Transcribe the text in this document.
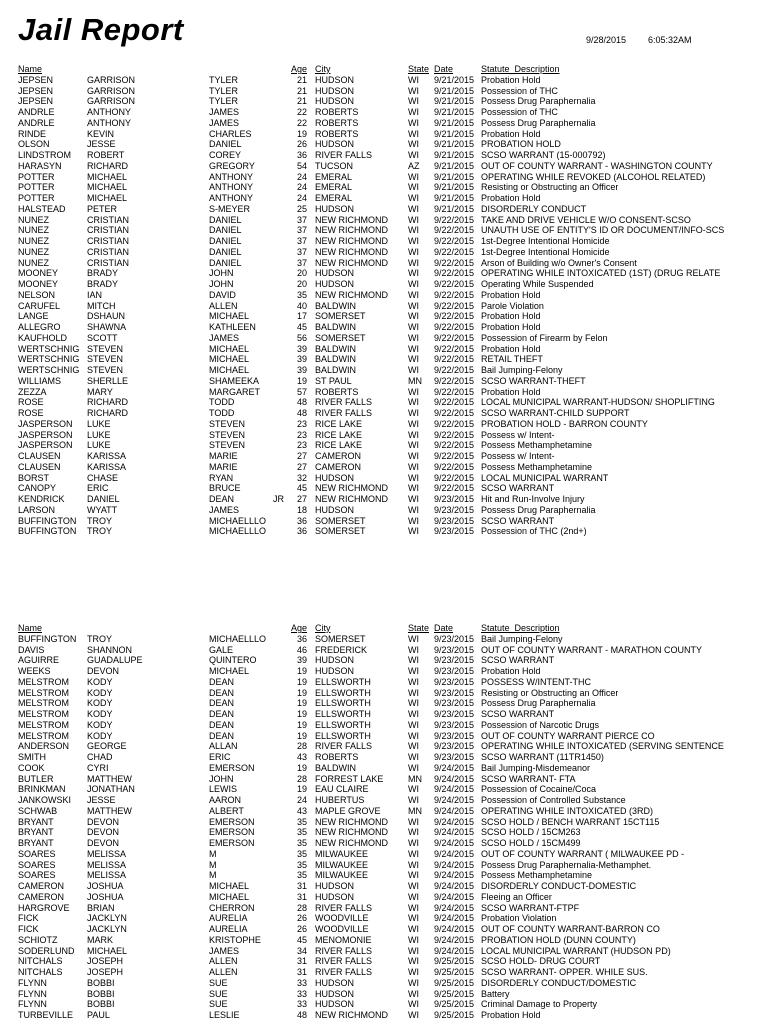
Jail Report	9/28/2015 6:05:32AM
Name	Age City	State Date	Statute_Description
JEPSEN	GARRISON	TYLER	21 HUDSON	WI 9/21/2015 Probation Hold
JEPSEN	GARRISON	TYLER	21 HUDSON	WI 9/21/2015 Possession of THC
JEPSEN	GARRISON	TYLER	21 HUDSON	WI 9/21/2015 Possess Drug Paraphernalia
ANDRLE	ANTHONY	JAMES	22 ROBERTS	WI 9/21/2015 Possession of THC
ANDRLE	ANTHONY	JAMES	22 ROBERTS	WI 9/21/2015 Possess Drug Paraphernalia
RINDE	KEVIN	CHARLES	19 ROBERTS	WI 9/21/2015 Probation Hold
OLSON	JESSE	DANIEL	26 HUDSON	WI 9/21/2015 PROBATION HOLD
LINDSTROM ROBERT	COREY	36 RIVER FALLS	WI 9/21/2015 SCSO WARRANT (15-000792)
HARASYN	RICHARD	GREGORY	54 TUCSON	AZ 9/21/2015 OUT OF COUNTY WARRANT - WASHINGTON COUNTY
POTTER	MICHAEL	ANTHONY	24 EMERAL	WI 9/21/2015 OPERATING WHILE REVOKED (ALCOHOL RELATED)
POTTER	MICHAEL	ANTHONY	24 EMERAL	WI 9/21/2015 Resisting or Obstructing an Officer
POTTER	MICHAEL	ANTHONY	24 EMERAL	WI 9/21/2015 Probation Hold
HALSTEAD PETER	S-MEYER	25 HUDSON	WI 9/21/2015 DISORDERLY CONDUCT
NUNEZ	CRISTIAN	DANIEL	37 NEW RICHMOND WI 9/22/2015 TAKE AND DRIVE VEHICLE W/O CONSENT-SCSO
NUNEZ	CRISTIAN	DANIEL	37 NEW RICHMOND WI 9/22/2015 UNAUTH USE OF ENTITY'S ID OR DOCUMENT/INFO-SCS
NUNEZ	CRISTIAN	DANIEL	37 NEW RICHMOND WI 9/22/2015 1st-Degree Intentional Homicide
NUNEZ	CRISTIAN	DANIEL	37 NEW RICHMOND WI 9/22/2015 1st-Degree Intentional Homicide
NUNEZ	CRISTIAN	DANIEL	37 NEW RICHMOND WI 9/22/2015 Arson of Building w/o Owner's Consent
MOONEY	BRADY	JOHN	20 HUDSON	WI 9/22/2015 OPERATING WHILE INTOXICATED (1ST) (DRUG RELATE
MOONEY	BRADY	JOHN	20 HUDSON	WI 9/22/2015 Operating While Suspended
NELSON	IAN	DAVID	35 NEW RICHMOND WI 9/22/2015 Probation Hold
CARUFEL	MITCH	ALLEN	40 BALDWIN	WI 9/22/2015 Parole Violation
LANGE	DSHAUN	MICHAEL	17 SOMERSET	WI 9/22/2015 Probation Hold
ALLEGRO	SHAWNA	KATHLEEN	45 BALDWIN	WI 9/22/2015 Probation Hold
KAUFHOLD SCOTT	JAMES	56 SOMERSET	WI 9/22/2015 Possession of Firearm by Felon
WERTSCHNIG STEVEN	MICHAEL	39 BALDWIN	WI 9/22/2015 Probation Hold
WERTSCHNIG STEVEN	MICHAEL	39 BALDWIN	WI 9/22/2015 RETAIL THEFT
WERTSCHNIG STEVEN	MICHAEL	39 BALDWIN	WI 9/22/2015 Bail Jumping-Felony
WILLIAMS	SHERLLE	SHAMEEKA	19 ST PAUL	MN 9/22/2015 SCSO WARRANT-THEFT
ZEZZA	MARY	MARGARET	57 ROBERTS	WI 9/22/2015 Probation Hold
ROSE	RICHARD	TODD	48 RIVER FALLS	WI 9/22/2015 LOCAL MUNICIPAL WARRANT-HUDSON/ SHOPLIFTING
ROSE	RICHARD	TODD	48 RIVER FALLS	WI 9/22/2015 SCSO WARRANT-CHILD SUPPORT
JASPERSON LUKE	STEVEN	23 RICE LAKE	WI 9/22/2015 PROBATION HOLD - BARRON COUNTY
JASPERSON LUKE	STEVEN	23 RICE LAKE	WI 9/22/2015 Possess w/ Intent-
JASPERSON LUKE	STEVEN	23 RICE LAKE	WI 9/22/2015 Possess Methamphetamine
CLAUSEN	KARISSA	MARIE	27 CAMERON	WI 9/22/2015 Possess w/ Intent-
CLAUSEN	KARISSA	MARIE	27 CAMERON	WI 9/22/2015 Possess Methamphetamine
BORST	CHASE	RYAN	32 HUDSON	WI 9/22/2015 LOCAL MUNICIPAL WARRANT
CANOPY	ERIC	BRUCE	45 NEW RICHMOND WI 9/22/2015 SCSO WARRANT
KENDRICK DANIEL	DEAN	JR	27 NEW RICHMOND WI 9/23/2015 Hit and Run-Involve Injury
LARSON	WYATT	JAMES	18 HUDSON	WI 9/23/2015 Possess Drug Paraphernalia
BUFFINGTON TROY	MICHAELLLO	36 SOMERSET	WI 9/23/2015 SCSO WARRANT
BUFFINGTON TROY	MICHAELLLO	36 SOMERSET	WI 9/23/2015 Possession of THC (2nd+)
Name	Age City	State Date	Statute_Description
BUFFINGTON TROY	MICHAELLLO	36 SOMERSET	WI 9/23/2015 Bail Jumping-Felony
DAVIS	SHANNON	GALE	46 FREDERICK	WI 9/23/2015 OUT OF COUNTY WARRANT - MARATHON COUNTY
AGUIRRE	GUADALUPE	QUINTERO	39 HUDSON	WI 9/23/2015 SCSO WARRANT
WEEKS	DEVON	MICHAEL	19 HUDSON	WI 9/23/2015 Probation Hold
MELSTROM KODY	DEAN	19 ELLSWORTH	WI 9/23/2015 POSSESS W/INTENT-THC
MELSTROM KODY	DEAN	19 ELLSWORTH	WI 9/23/2015 Resisting or Obstructing an Officer
MELSTROM KODY	DEAN	19 ELLSWORTH	WI 9/23/2015 Possess Drug Paraphernalia
MELSTROM KODY	DEAN	19 ELLSWORTH	WI 9/23/2015 SCSO WARRANT
MELSTROM KODY	DEAN	19 ELLSWORTH	WI 9/23/2015 Possession of Narcotic Drugs
MELSTROM KODY	DEAN	19 ELLSWORTH	WI 9/23/2015 OUT OF COUNTY WARRANT PIERCE CO
ANDERSON GEORGE	ALLAN	28 RIVER FALLS	WI 9/23/2015 OPERATING WHILE INTOXICATED (SERVING SENTENCE
SMITH	CHAD	ERIC	43 ROBERTS	WI 9/23/2015 SCSO WARRANT (11TR1450)
COOK	CYRI	EMERSON	19 BALDWIN	WI 9/24/2015 Bail Jumping-Misdemeanor
BUTLER	MATTHEW	JOHN	28 FORREST LAKE	MN 9/24/2015 SCSO WARRANT- FTA
BRINKMAN JONATHAN	LEWIS	19 EAU CLAIRE	WI 9/24/2015 Possession of Cocaine/Coca
JANKOWSKI JESSE	AARON	24 HUBERTUS	WI 9/24/2015 Possession of Controlled Substance
SCHWAB	MATTHEW	ALBERT	43 MAPLE GROVE	MN 9/24/2015 OPERATING WHILE INTOXICATED (3RD)
BRYANT	DEVON	EMERSON	35 NEW RICHMOND WI 9/24/2015 SCSO HOLD / BENCH WARRANT 15CT115
BRYANT	DEVON	EMERSON	35 NEW RICHMOND WI 9/24/2015 SCSO HOLD / 15CM263
BRYANT	DEVON	EMERSON	35 NEW RICHMOND WI 9/24/2015 SCSO HOLD / 15CM499
SOARES	MELISSA	M	35 MILWAUKEE	WI 9/24/2015 OUT OF COUNTY WARRANT ( MILWAUKEE PD -
SOARES	MELISSA	M	35 MILWAUKEE	WI 9/24/2015 Possess Drug Paraphernalia-Methamphet.
SOARES	MELISSA	M	35 MILWAUKEE	WI 9/24/2015 Possess Methamphetamine
CAMERON	JOSHUA	MICHAEL	31 HUDSON	WI 9/24/2015 DISORDERLY CONDUCT-DOMESTIC
CAMERON	JOSHUA	MICHAEL	31 HUDSON	WI 9/24/2015 Fleeing an Officer
HARGROVE BRIAN	CHERRON	28 RIVER FALLS	WI 9/24/2015 SCSO WARRANT-FTPF
FICK	JACKLYN	AURELIA	26 WOODVILLE	WI 9/24/2015 Probation Violation
FICK	JACKLYN	AURELIA	26 WOODVILLE	WI 9/24/2015 OUT OF COUNTY WARRANT-BARRON CO
SCHIOTZ	MARK	KRISTOPHE	45 MENOMONIE	WI 9/24/2015 PROBATION HOLD (DUNN COUNTY)
SODERLUND MICHAEL	JAMES	34 RIVER FALLS	WI 9/24/2015 LOCAL MUNICIPAL WARRANT (HUDSON PD)
NITCHALS	JOSEPH	ALLEN	31 RIVER FALLS	WI 9/25/2015 SCSO HOLD- DRUG COURT
NITCHALS	JOSEPH	ALLEN	31 RIVER FALLS	WI 9/25/2015 SCSO WARRANT- OPPER. WHILE SUS.
FLYNN	BOBBI	SUE	33 HUDSON	WI 9/25/2015 DISORDERLY CONDUCT/DOMESTIC
FLYNN	BOBBI	SUE	33 HUDSON	WI 9/25/2015 Battery
FLYNN	BOBBI	SUE	33 HUDSON	WI 9/25/2015 Criminal Damage to Property
TURBEVILLE PAUL	LESLIE	48 NEW RICHMOND WI 9/25/2015 Probation Hold
